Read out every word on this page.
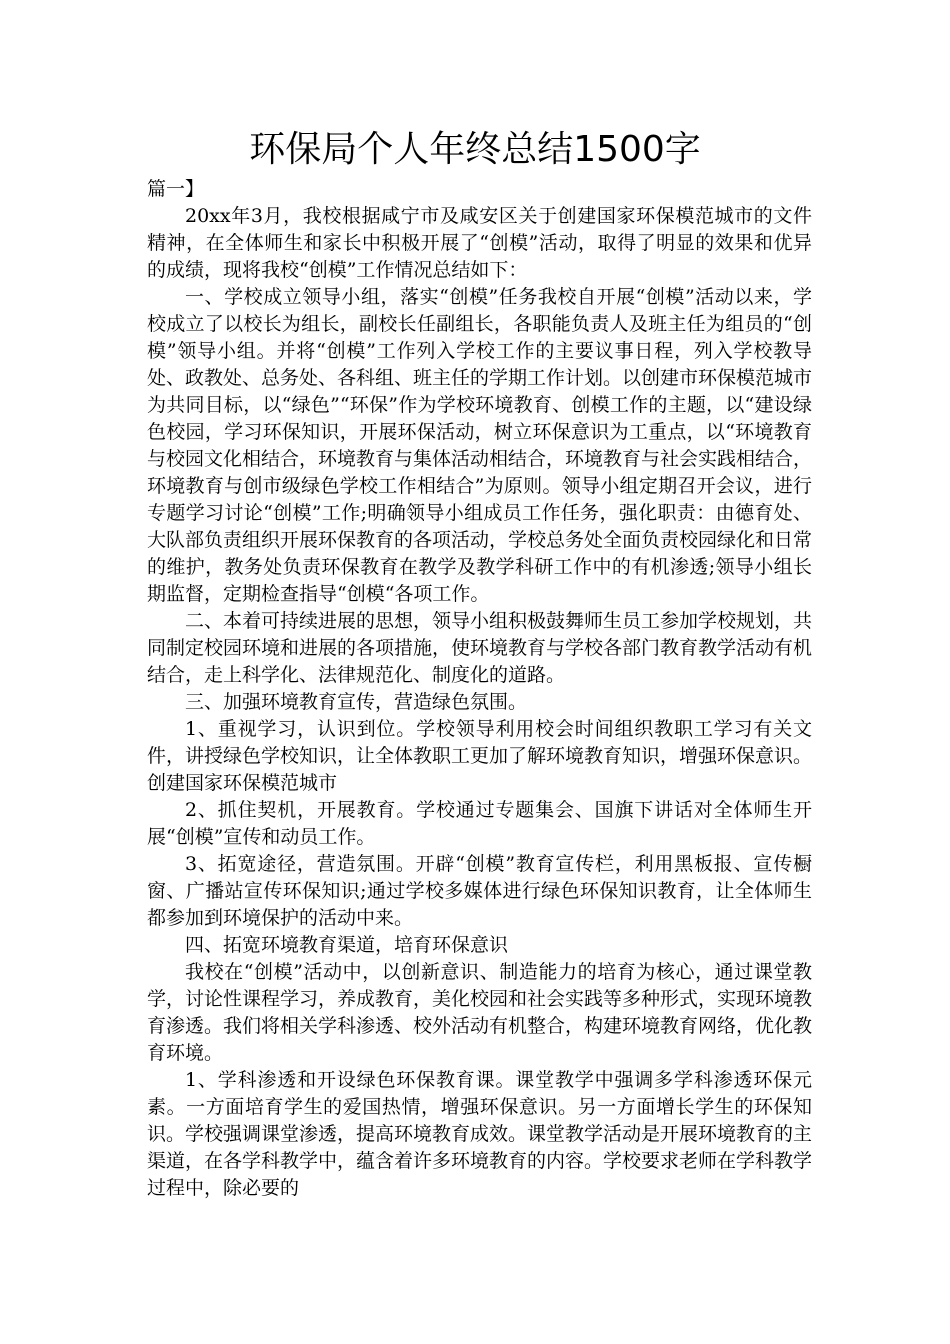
环保局个人年终总结1500字

篇一】

20xx年3月，我校根据咸宁市及咸安区关于创建国家环保模范城市的文件精神，在全体师生和家长中积极开展了“创模”活动，取得了明显的效果和优异的成绩，现将我校“创模”工作情况总结如下：

一、学校成立领导小组，落实“创模”任务我校自开展“创模”活动以来，学校成立了以校长为组长，副校长任副组长，各职能负责人及班主任为组员的“创模”领导小组。并将“创模”工作列入学校工作的主要议事日程，列入学校教导处、政教处、总务处、各科组、班主任的学期工作计划。以创建市环保模范城市为共同目标，以“绿色”“环保”作为学校环境教育、创模工作的主题，以“建设绿色校园，学习环保知识，开展环保活动，树立环保意识为工重点，以“环境教育与校园文化相结合，环境教育与集体活动相结合，环境教育与社会实践相结合，环境教育与创市级绿色学校工作相结合”为原则。领导小组定期召开会议，进行专题学习讨论“创模”工作;明确领导小组成员工作任务，强化职责：由德育处、大队部负责组织开展环保教育的各项活动，学校总务处全面负责校园绿化和日常的维护，教务处负责环保教育在教学及教学科研工作中的有机渗透;领导小组长期监督，定期检查指导“创模“各项工作。

二、本着可持续进展的思想，领导小组积极鼓舞师生员工参加学校规划，共同制定校园环境和进展的各项措施，使环境教育与学校各部门教育教学活动有机结合，走上科学化、法律规范化、制度化的道路。

三、加强环境教育宣传，营造绿色氛围。

1、重视学习，认识到位。学校领导利用校会时间组织教职工学习有关文件，讲授绿色学校知识，让全体教职工更加了解环境教育知识，增强环保意识。创建国家环保模范城市

2、抓住契机，开展教育。学校通过专题集会、国旗下讲话对全体师生开展“创模”宣传和动员工作。

3、拓宽途径，营造氛围。开辟“创模”教育宣传栏，利用黑板报、宣传橱窗、广播站宣传环保知识;通过学校多媒体进行绿色环保知识教育，让全体师生都参加到环境保护的活动中来。

四、拓宽环境教育渠道，培育环保意识

我校在“创模”活动中，以创新意识、制造能力的培育为核心，通过课堂教学，讨论性课程学习，养成教育，美化校园和社会实践等多种形式，实现环境教育渗透。我们将相关学科渗透、校外活动有机整合，构建环境教育网络，优化教育环境。

1、学科渗透和开设绿色环保教育课。课堂教学中强调多学科渗透环保元素。一方面培育学生的爱国热情，增强环保意识。另一方面增长学生的环保知识。学校强调课堂渗透，提高环境教育成效。课堂教学活动是开展环境教育的主渠道，在各学科教学中，蕴含着许多环境教育的内容。学校要求老师在学科教学过程中，除必要的
